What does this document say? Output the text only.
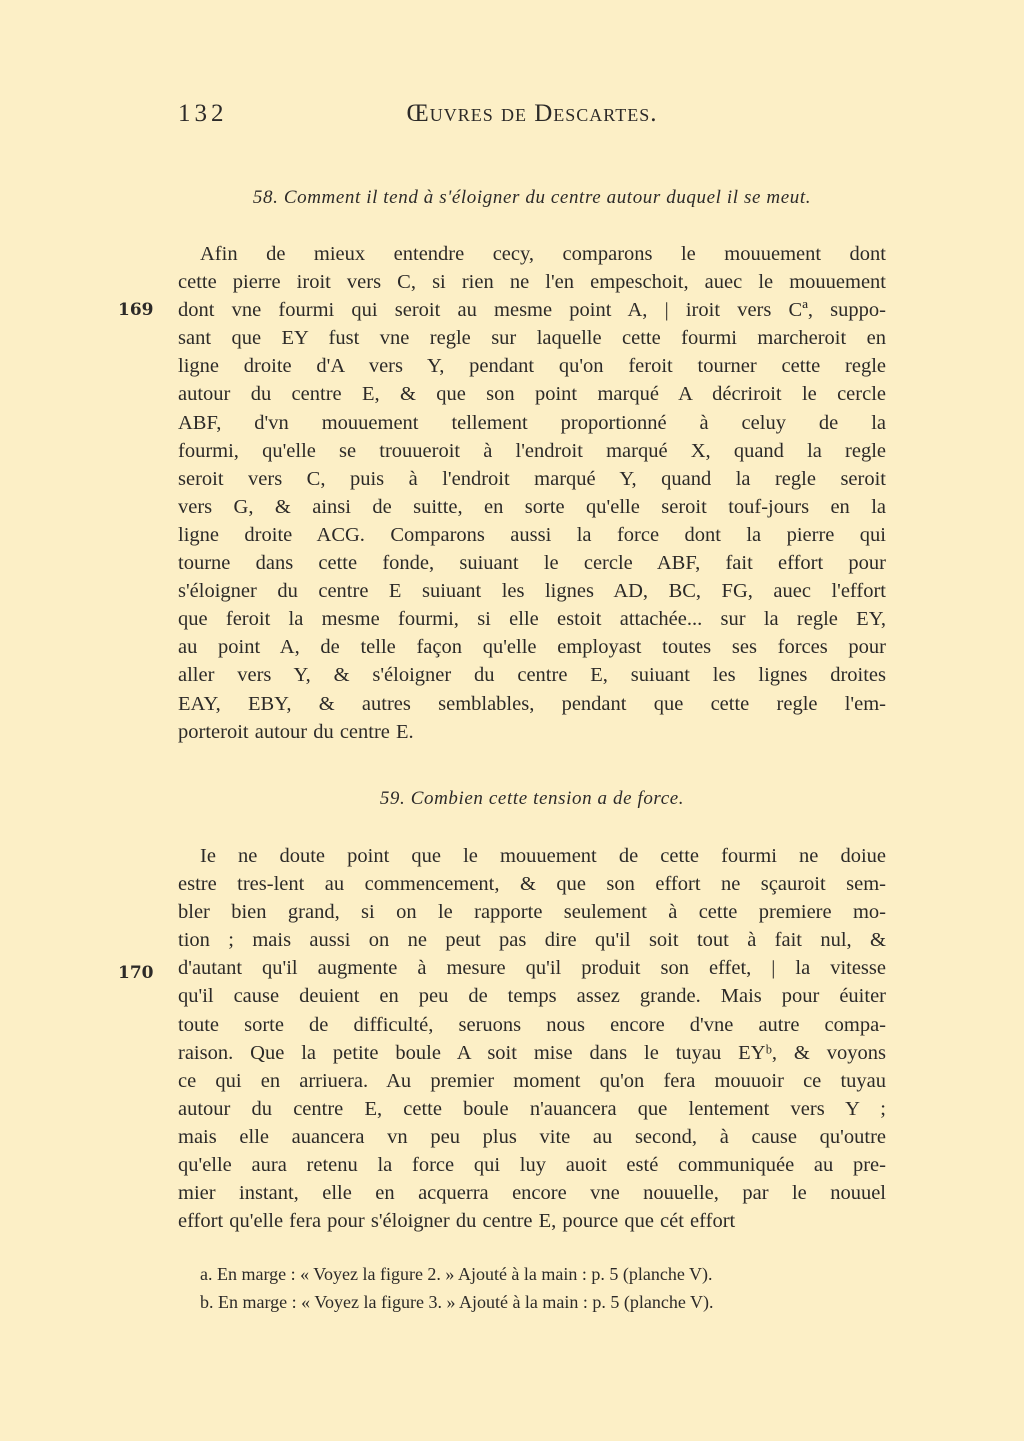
132	Œuvres de Descartes.
58. Comment il tend à s'éloigner du centre autour duquel il se meut.
169
Afin de mieux entendre cecy, comparons le mouuement dont
cette pierre iroit vers C, si rien ne l'en empeschoit, auec le mouuement
dont vne fourmi qui seroit au mesme point A, | iroit vers Cª, suppo-
sant que EY fust vne regle sur laquelle cette fourmi marcheroit en
ligne droite d'A vers Y, pendant qu'on feroit tourner cette regle
autour du centre E, & que son point marqué A décriroit le cercle
ABF, d'vn mouuement tellement proportionné à celuy de la
fourmi, qu'elle se trouueroit à l'endroit marqué X, quand la regle
seroit vers C, puis à l'endroit marqué Y, quand la regle seroit
vers G, & ainsi de suitte, en sorte qu'elle seroit touf-jours en la
ligne droite ACG. Comparons aussi la force dont la pierre qui
tourne dans cette fonde, suiuant le cercle ABF, fait effort pour
s'éloigner du centre E suiuant les lignes AD, BC, FG, auec l'effort
que feroit la mesme fourmi, si elle estoit attachée... sur la regle EY,
au point A, de telle façon qu'elle employast toutes ses forces pour
aller vers Y, & s'éloigner du centre E, suiuant les lignes droites
EAY, EBY, & autres semblables, pendant que cette regle l'em-
porteroit autour du centre E.
59. Combien cette tension a de force.
170
Ie ne doute point que le mouuement de cette fourmi ne doiue
estre tres-lent au commencement, & que son effort ne sçauroit sem-
bler bien grand, si on le rapporte seulement à cette premiere mo-
tion ; mais aussi on ne peut pas dire qu'il soit tout à fait nul, &
d'autant qu'il augmente à mesure qu'il produit son effet, | la vitesse
qu'il cause deuient en peu de temps assez grande. Mais pour éuiter
toute sorte de difficulté, seruons nous encore d'vne autre compa-
raison. Que la petite boule A soit mise dans le tuyau EYᵇ, & voyons
ce qui en arriuera. Au premier moment qu'on fera mouuoir ce tuyau
autour du centre E, cette boule n'auancera que lentement vers Y ;
mais elle auancera vn peu plus vite au second, à cause qu'outre
qu'elle aura retenu la force qui luy auoit esté communiquée au pre-
mier instant, elle en acquerra encore vne nouuelle, par le nouuel
effort qu'elle fera pour s'éloigner du centre E, pource que cét effort
a. En marge : « Voyez la figure 2. » Ajouté à la main : p. 5 (planche V).
b. En marge : « Voyez la figure 3. » Ajouté à la main : p. 5 (planche V).
